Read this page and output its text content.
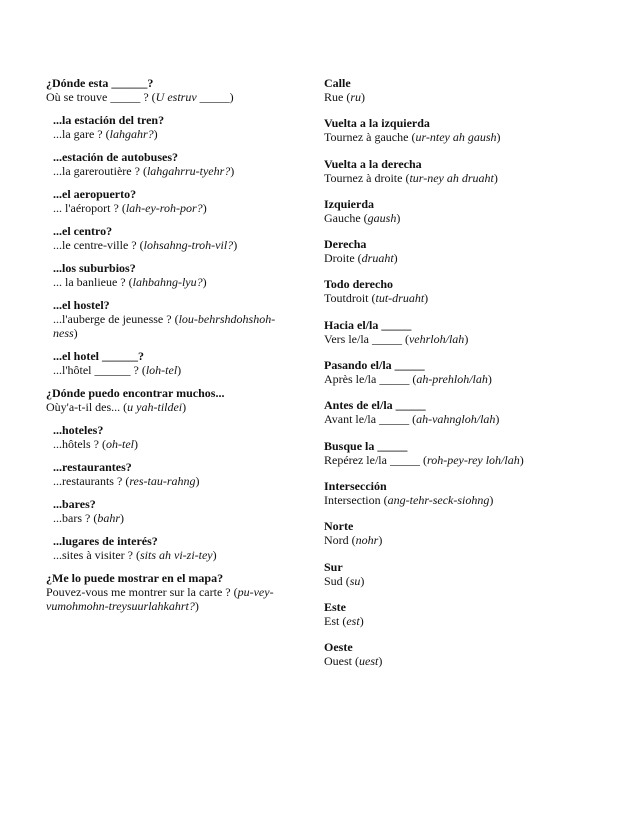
¿Dónde esta ______?
Où se trouve _____ ? (U estruv _____)
...la estación del tren?
...la gare ? (lahgahr?)
...estación de autobuses?
...la gareroutière ? (lahgahrru-tyehr?)
...el aeropuerto?
... l'aéroport ? (lah-ey-roh-por?)
...el centro?
...le centre-ville ? (lohsahng-troh-vil?)
...los suburbios?
... la banlieue ? (lahbahng-lyu?)
...el hostel?
...l'auberge de jeunesse ? (lou-behrshdohshoh-ness)
...el hotel ______?
...l'hôtel ______ ? (loh-tel)
¿Dónde puedo encontrar muchos...
Oùy'a-t-il des... (u yah-tildei)
...hoteles?
...hôtels ? (oh-tel)
...restaurantes?
...restaurants ? (res-tau-rahng)
...bares?
...bars ? (bahr)
...lugares de interés?
...sites à visiter ? (sits ah vi-zi-tey)
¿Me lo puede mostrar en el mapa?
Pouvez-vous me montrer sur la carte ? (pu-vey-vumohmohn-treysuurlahkahrt?)
Calle
Rue (ru)
Vuelta a la izquierda
Tournez à gauche (ur-ntey ah gaush)
Vuelta a la derecha
Tournez à droite (tur-ney ah druaht)
Izquierda
Gauche (gaush)
Derecha
Droite (druaht)
Todo derecho
Toutdroit (tut-druaht)
Hacia el/la _____
Vers le/la _____ (vehrloh/lah)
Pasando el/la _____
Après le/la _____ (ah-prehloh/lah)
Antes de el/la _____
Avant le/la _____ (ah-vahngloh/lah)
Busque la _____
Repérez le/la _____ (roh-pey-rey loh/lah)
Intersección
Intersection (ang-tehr-seck-siohng)
Norte
Nord (nohr)
Sur
Sud (su)
Este
Est (est)
Oeste
Ouest (uest)
